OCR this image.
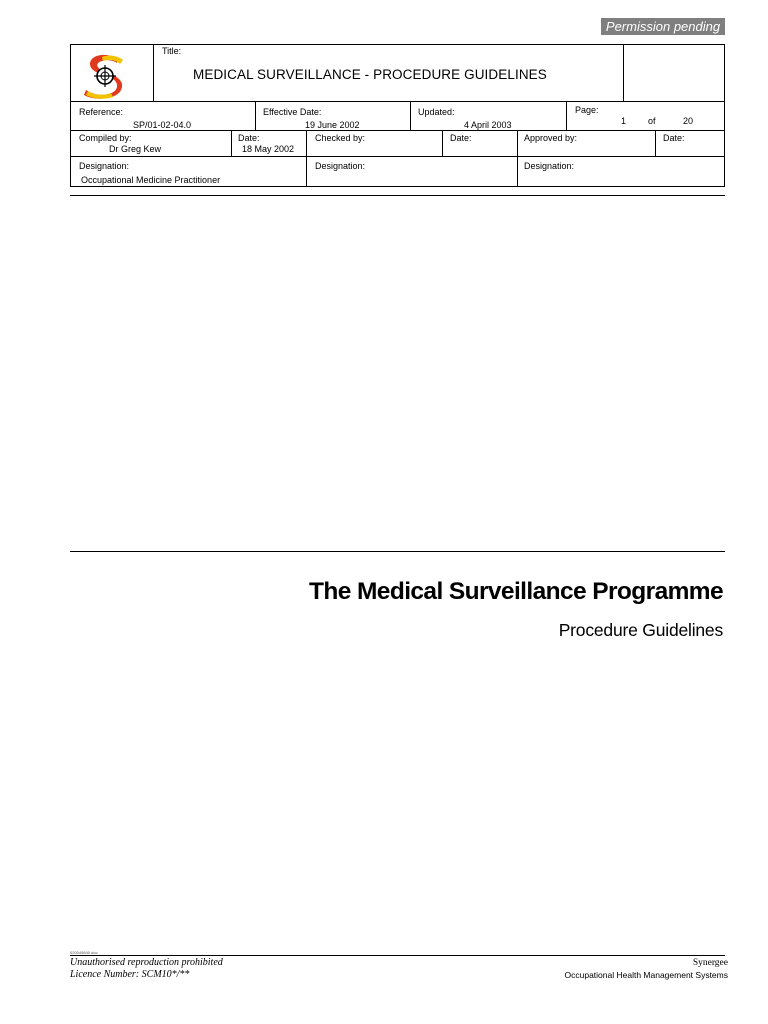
Permission pending
Title:
MEDICAL SURVEILLANCE - PROCEDURE GUIDELINES
Reference:
SP/01-02-04.0
Effective Date:
19 June 2002
Updated:
4 April 2003
Page:
1 of	20
Compiled by:
Dr Greg Kew
Date:
18 May 2002
Checked by:	Date:	Approved by:	Date:
Designation:
Occupational Medicine Practitioner
Designation:	Designation:
The Medical Surveillance Programme
Procedure Guidelines
020049840.doc
Unauthorised reproduction prohibited
Licence Number: SCM10*/**
Synergee
Occupational Health Management Systems
